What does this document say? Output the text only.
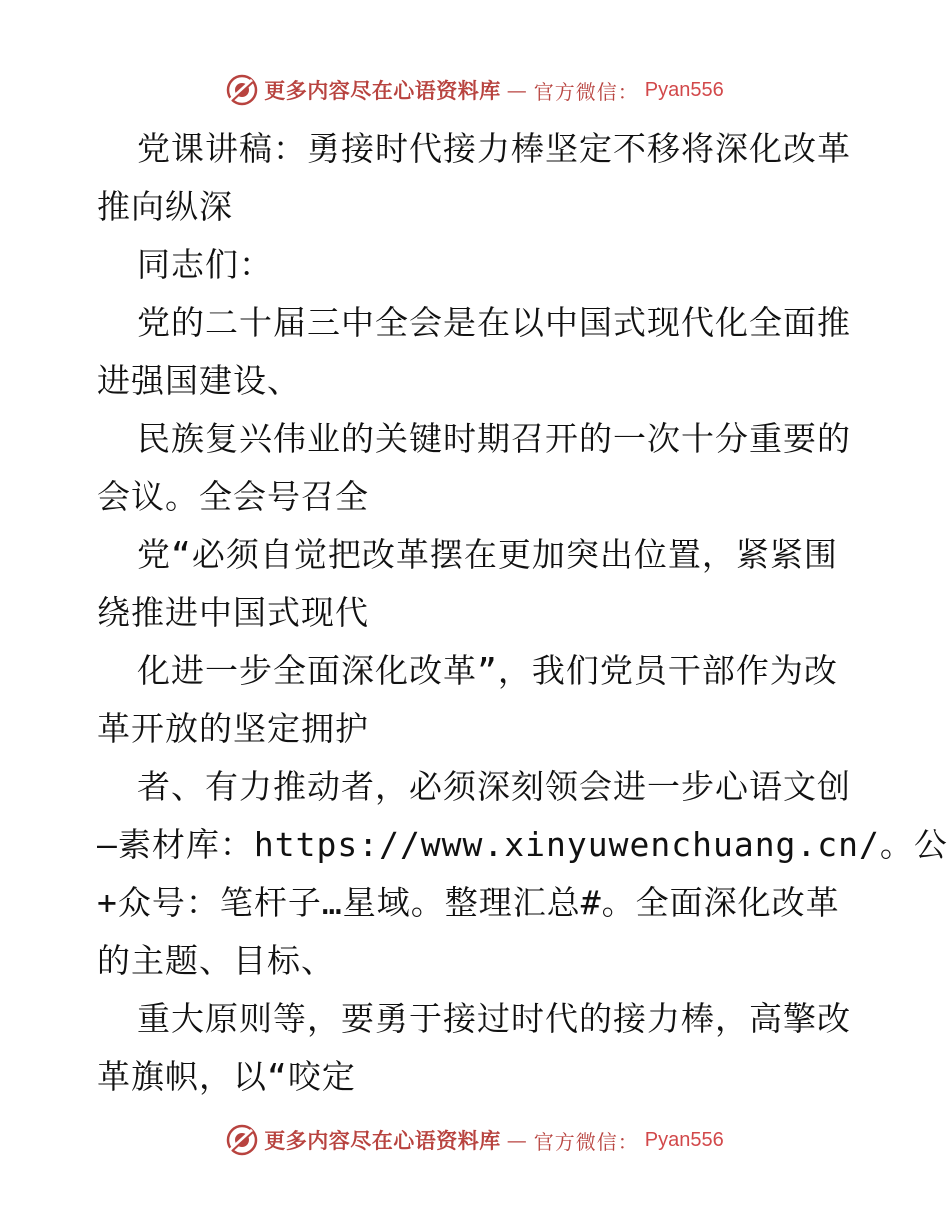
更多内容尽在心语资料库 — 官方微信： Pyan556
党课讲稿：勇接时代接力棒坚定不移将深化改革
推向纵深
同志们：
党的二十届三中全会是在以中国式现代化全面推
进强国建设、
民族复兴伟业的关键时期召开的一次十分重要的
会议。全会号召全
党“必须自觉把改革摆在更加突出位置，紧紧围
绕推进中国式现代
化进一步全面深化改革”，我们党员干部作为改
革开放的坚定拥护
者、有力推动者，必须深刻领会进一步心语文创
—素材库：https://www.xinyuwenchuang.cn/。公
+众号：笔杆子…星域。整理汇总#。全面深化改革
的主题、目标、
重大原则等，要勇于接过时代的接力棒，高擎改
革旗帜，以“咬定
更多内容尽在心语资料库 — 官方微信： Pyan556
